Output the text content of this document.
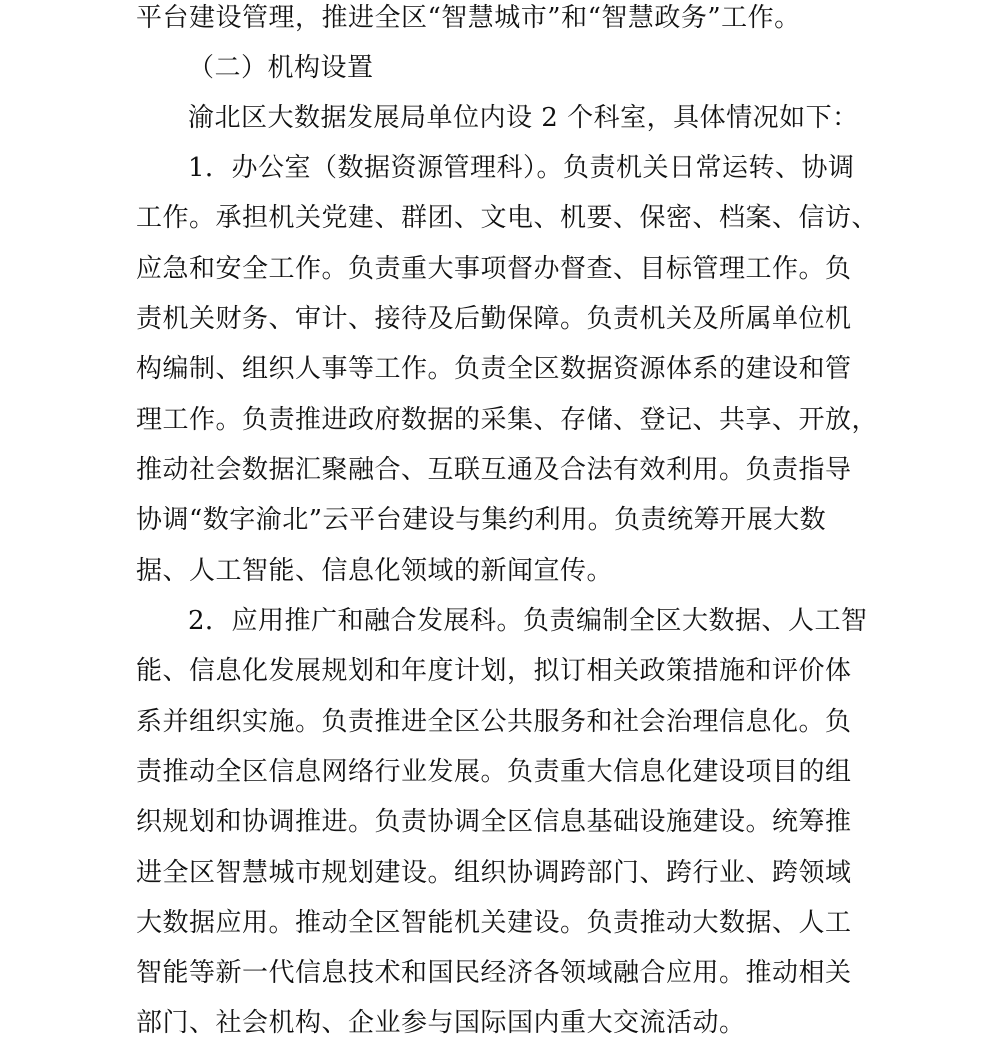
平台建设管理，推进全区“智慧城市”和“智慧政务”工作。
（二）机构设置
渝北区大数据发展局单位内设 2 个科室，具体情况如下：
1．办公室（数据资源管理科）。负责机关日常运转、协调
工作。承担机关党建、群团、文电、机要、保密、档案、信访、
应急和安全工作。负责重大事项督办督查、目标管理工作。负
责机关财务、审计、接待及后勤保障。负责机关及所属单位机
构编制、组织人事等工作。负责全区数据资源体系的建设和管
理工作。负责推进政府数据的采集、存储、登记、共享、开放，
推动社会数据汇聚融合、互联互通及合法有效利用。负责指导
协调“数字渝北”云平台建设与集约利用。负责统筹开展大数
据、人工智能、信息化领域的新闻宣传。
2．应用推广和融合发展科。负责编制全区大数据、人工智
能、信息化发展规划和年度计划，拟订相关政策措施和评价体
系并组织实施。负责推进全区公共服务和社会治理信息化。负
责推动全区信息网络行业发展。负责重大信息化建设项目的组
织规划和协调推进。负责协调全区信息基础设施建设。统筹推
进全区智慧城市规划建设。组织协调跨部门、跨行业、跨领域
大数据应用。推动全区智能机关建设。负责推动大数据、人工
智能等新一代信息技术和国民经济各领域融合应用。推动相关
部门、社会机构、企业参与国际国内重大交流活动。
